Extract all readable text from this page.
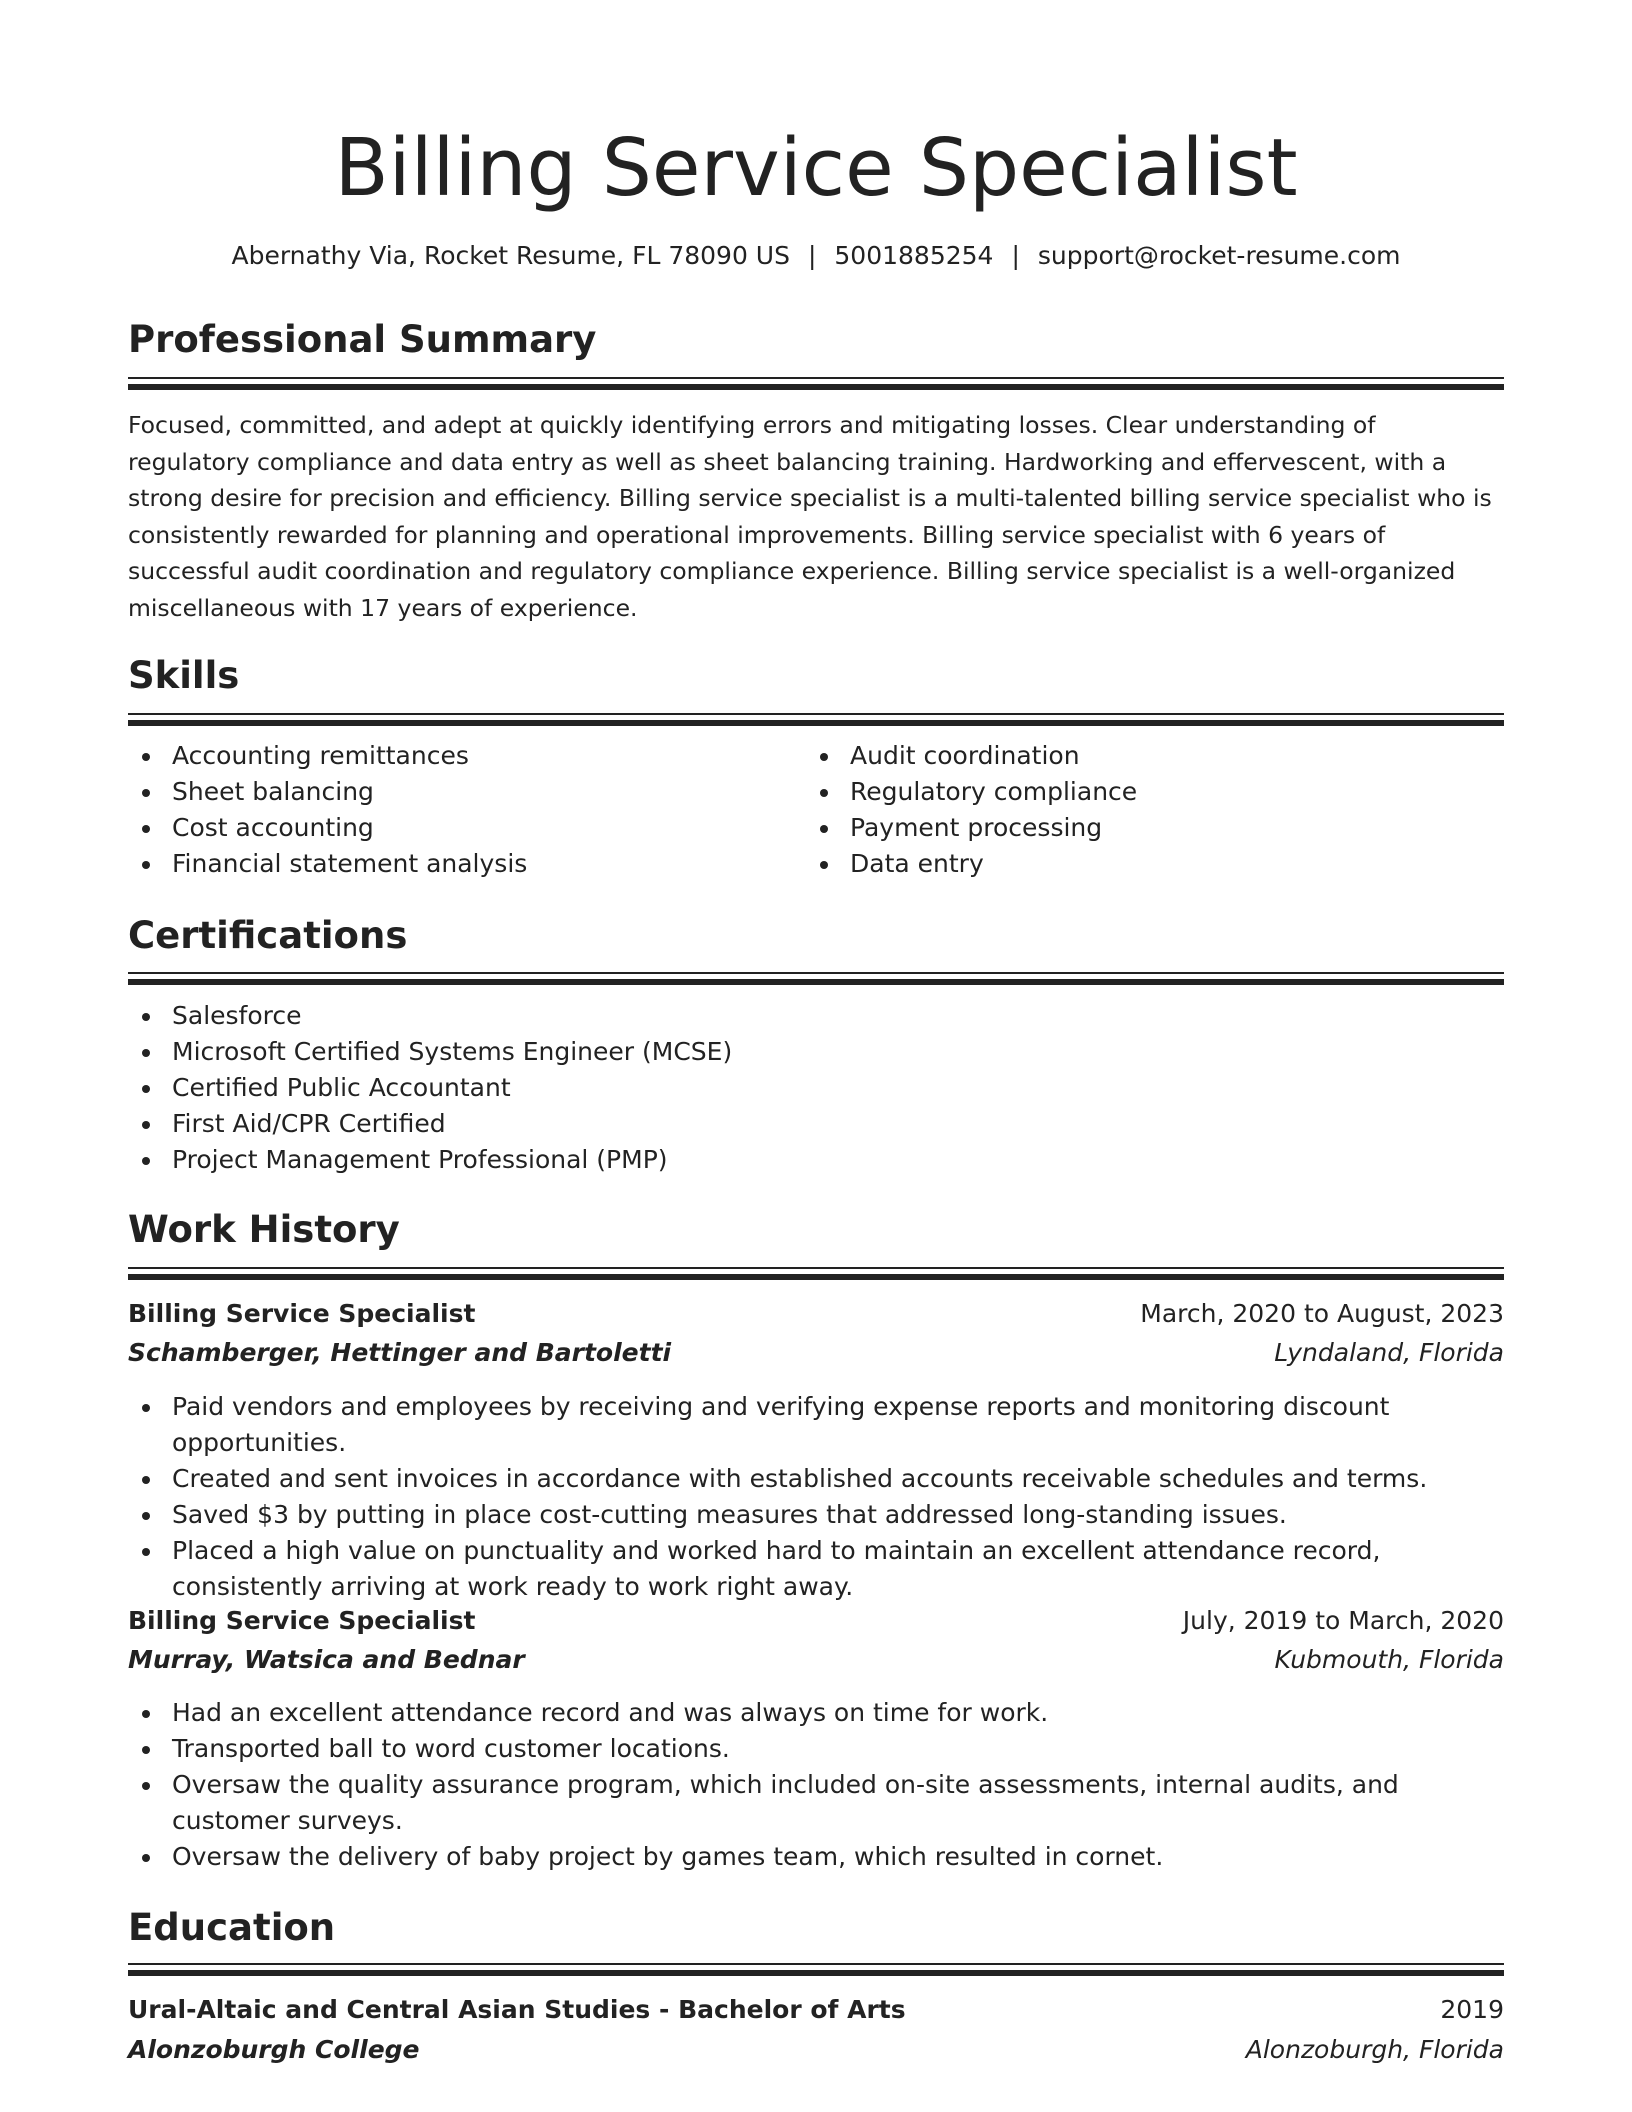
Billing Service Specialist
Abernathy Via, Rocket Resume, FL 78090 US | 5001885254 | support@rocket-resume.com
Professional Summary

Focused, committed, and adept at quickly identifying errors and mitigating losses. Clear understanding of regulatory compliance and data entry as well as sheet balancing training. Hardworking and effervescent, with a strong desire for precision and efficiency. Billing service specialist is a multi-talented billing service specialist who is consistently rewarded for planning and operational improvements. Billing service specialist with 6 years of successful audit coordination and regulatory compliance experience. Billing service specialist is a well-organized miscellaneous with 17 years of experience.

Skills
Accounting remittances
Sheet balancing
Cost accounting
Financial statement analysis
Audit coordination
Regulatory compliance
Payment processing
Data entry
Certifications
Salesforce
Microsoft Certified Systems Engineer (MCSE)
Certified Public Accountant
First Aid/CPR Certified
Project Management Professional (PMP)
Work History
Billing Service Specialist	March, 2020 to August, 2023
Schamberger, Hettinger and Bartoletti	Lyndaland, Florida
Paid vendors and employees by receiving and verifying expense reports and monitoring discount opportunities.
Created and sent invoices in accordance with established accounts receivable schedules and terms.
Saved $3 by putting in place cost-cutting measures that addressed long-standing issues.
Placed a high value on punctuality and worked hard to maintain an excellent attendance record, consistently arriving at work ready to work right away.
Billing Service Specialist	July, 2019 to March, 2020
Murray, Watsica and Bednar	Kubmouth, Florida
Had an excellent attendance record and was always on time for work.
Transported ball to word customer locations.
Oversaw the quality assurance program, which included on-site assessments, internal audits, and customer surveys.
Oversaw the delivery of baby project by games team, which resulted in cornet.
Education
Ural-Altaic and Central Asian Studies - Bachelor of Arts	2019
Alonzoburgh College	Alonzoburgh, Florida
